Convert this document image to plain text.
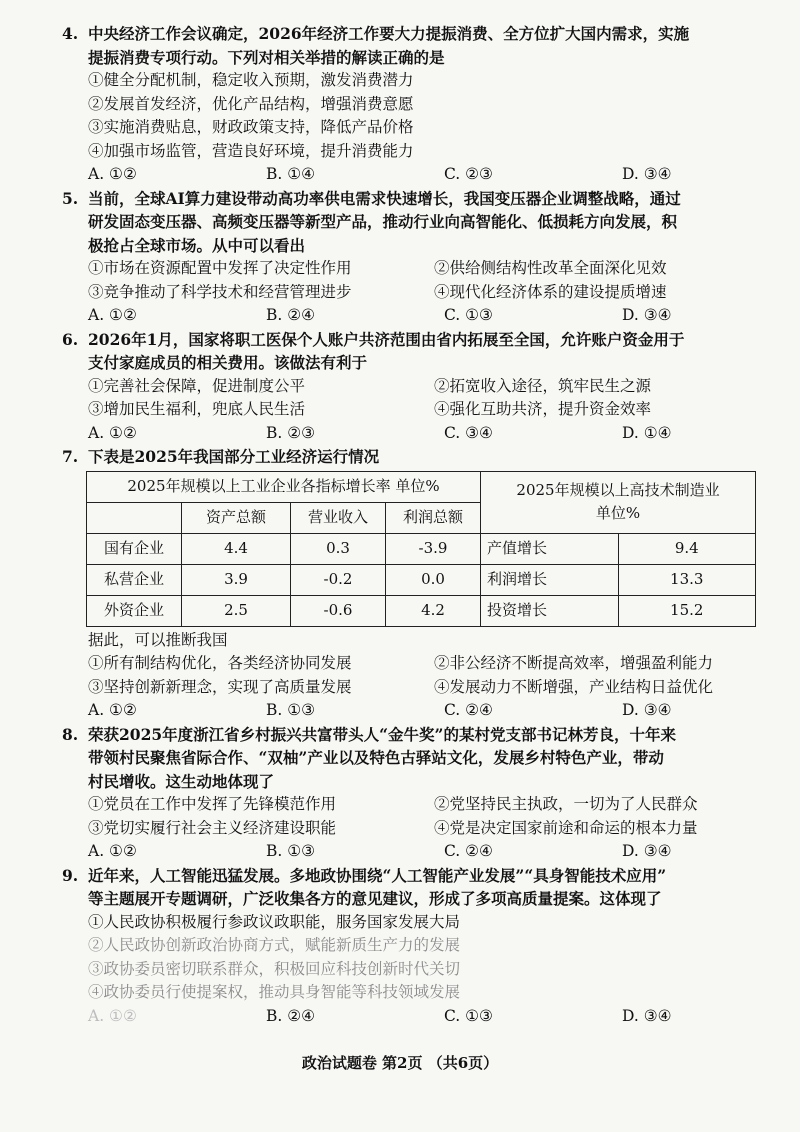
4. 中央经济工作会议确定，2026年经济工作要大力提振消费、全方位扩大国内需求，实施
提振消费专项行动。下列对相关举措的解读正确的是
①健全分配机制，稳定收入预期，激发消费潜力
②发展首发经济，优化产品结构，增强消费意愿
③实施消费贴息，财政政策支持，降低产品价格
④加强市场监管，营造良好环境，提升消费能力
A. ①②	B. ①④	C. ②③	D. ③④
5. 当前，全球AI算力建设带动高功率供电需求快速增长，我国变压器企业调整战略，通过
研发固态变压器、高频变压器等新型产品，推动行业向高智能化、低损耗方向发展，积
极抢占全球市场。从中可以看出
①市场在资源配置中发挥了决定性作用	②供给侧结构性改革全面深化见效
③竞争推动了科学技术和经营管理进步	④现代化经济体系的建设提质增速
A. ①②	B. ②④	C. ①③	D. ③④
6. 2026年1月，国家将职工医保个人账户共济范围由省内拓展至全国，允许账户资金用于
支付家庭成员的相关费用。该做法有利于
①完善社会保障，促进制度公平	②拓宽收入途径，筑牢民生之源
③增加民生福利，兜底人民生活	④强化互助共济，提升资金效率
A. ①②	B. ②③	C. ③④	D. ①④
7. 下表是2025年我国部分工业经济运行情况
2025年规模以上工业企业各指标增长率 单位%				2025年规模以上高技术制造业
单位%	

	资产总额	营业收入	利润总额		
国有企业	4.4	0.3	-3.9	产值增长	9.4
私营企业	3.9	-0.2	0.0	利润增长	13.3
外资企业	2.5	-0.6	4.2	投资增长	15.2
据此，可以推断我国
①所有制结构优化，各类经济协同发展	②非公经济不断提高效率，增强盈利能力
③坚持创新新理念，实现了高质量发展	④发展动力不断增强，产业结构日益优化
A. ①②	B. ①③	C. ②④	D. ③④
8. 荣获2025年度浙江省乡村振兴共富带头人“金牛奖”的某村党支部书记林芳良，十年来
带领村民聚焦省际合作、“双柚”产业以及特色古驿站文化，发展乡村特色产业，带动
村民增收。这生动地体现了
①党员在工作中发挥了先锋模范作用	②党坚持民主执政，一切为了人民群众
③党切实履行社会主义经济建设职能	④党是决定国家前途和命运的根本力量
A. ①②	B. ①③	C. ②④	D. ③④
9. 近年来，人工智能迅猛发展。多地政协围绕“人工智能产业发展”“具身智能技术应用”
等主题展开专题调研，广泛收集各方的意见建议，形成了多项高质量提案。这体现了
①人民政协积极履行参政议政职能，服务国家发展大局
②人民政协创新政治协商方式，赋能新质生产力的发展
③政协委员密切联系群众，积极回应科技创新时代关切
④政协委员行使提案权，推动具身智能等科技领域发展
A. ①②	B. ②④	C. ①③	D. ③④
政治试题卷 第2页 （共6页）
